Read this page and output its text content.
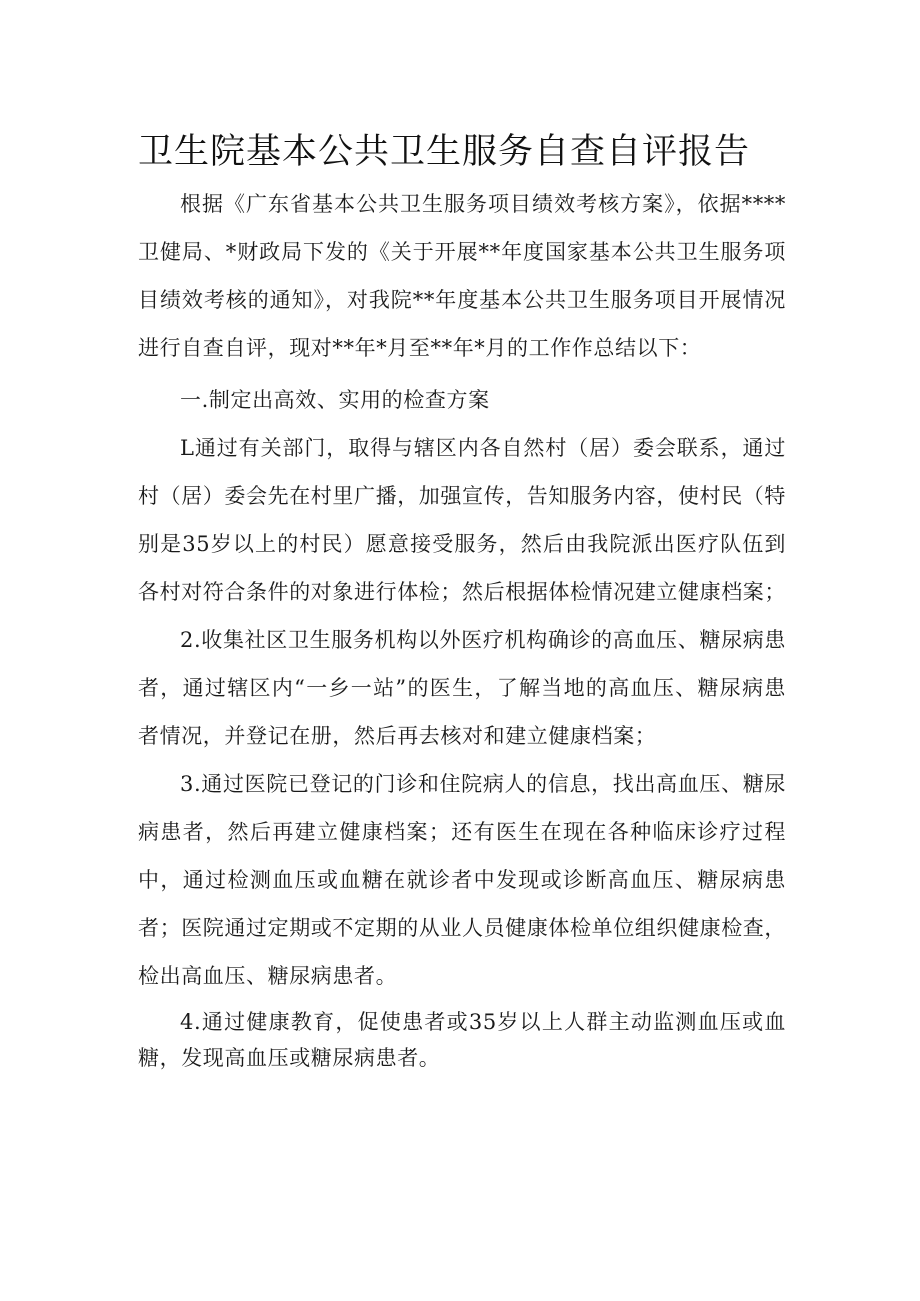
卫生院基本公共卫生服务自查自评报告

根据《广东省基本公共卫生服务项目绩效考核方案》，依据****卫健局、*财政局下发的《关于开展**年度国家基本公共卫生服务项目绩效考核的通知》，对我院**年度基本公共卫生服务项目开展情况进行自查自评，现对**年*月至**年*月的工作作总结以下：

一.制定出高效、实用的检查方案

L通过有关部门，取得与辖区内各自然村（居）委会联系，通过村（居）委会先在村里广播，加强宣传，告知服务内容，使村民（特别是35岁以上的村民）愿意接受服务，然后由我院派出医疗队伍到各村对符合条件的对象进行体检；然后根据体检情况建立健康档案；

2.收集社区卫生服务机构以外医疗机构确诊的高血压、糖尿病患者，通过辖区内“一乡一站”的医生，了解当地的高血压、糖尿病患者情况，并登记在册，然后再去核对和建立健康档案；

3.通过医院已登记的门诊和住院病人的信息，找出高血压、糖尿病患者，然后再建立健康档案；还有医生在现在各种临床诊疗过程中，通过检测血压或血糖在就诊者中发现或诊断高血压、糖尿病患者；医院通过定期或不定期的从业人员健康体检单位组织健康检查，检出高血压、糖尿病患者。

4.通过健康教育，促使患者或35岁以上人群主动监测血压或血糖，发现高血压或糖尿病患者。
